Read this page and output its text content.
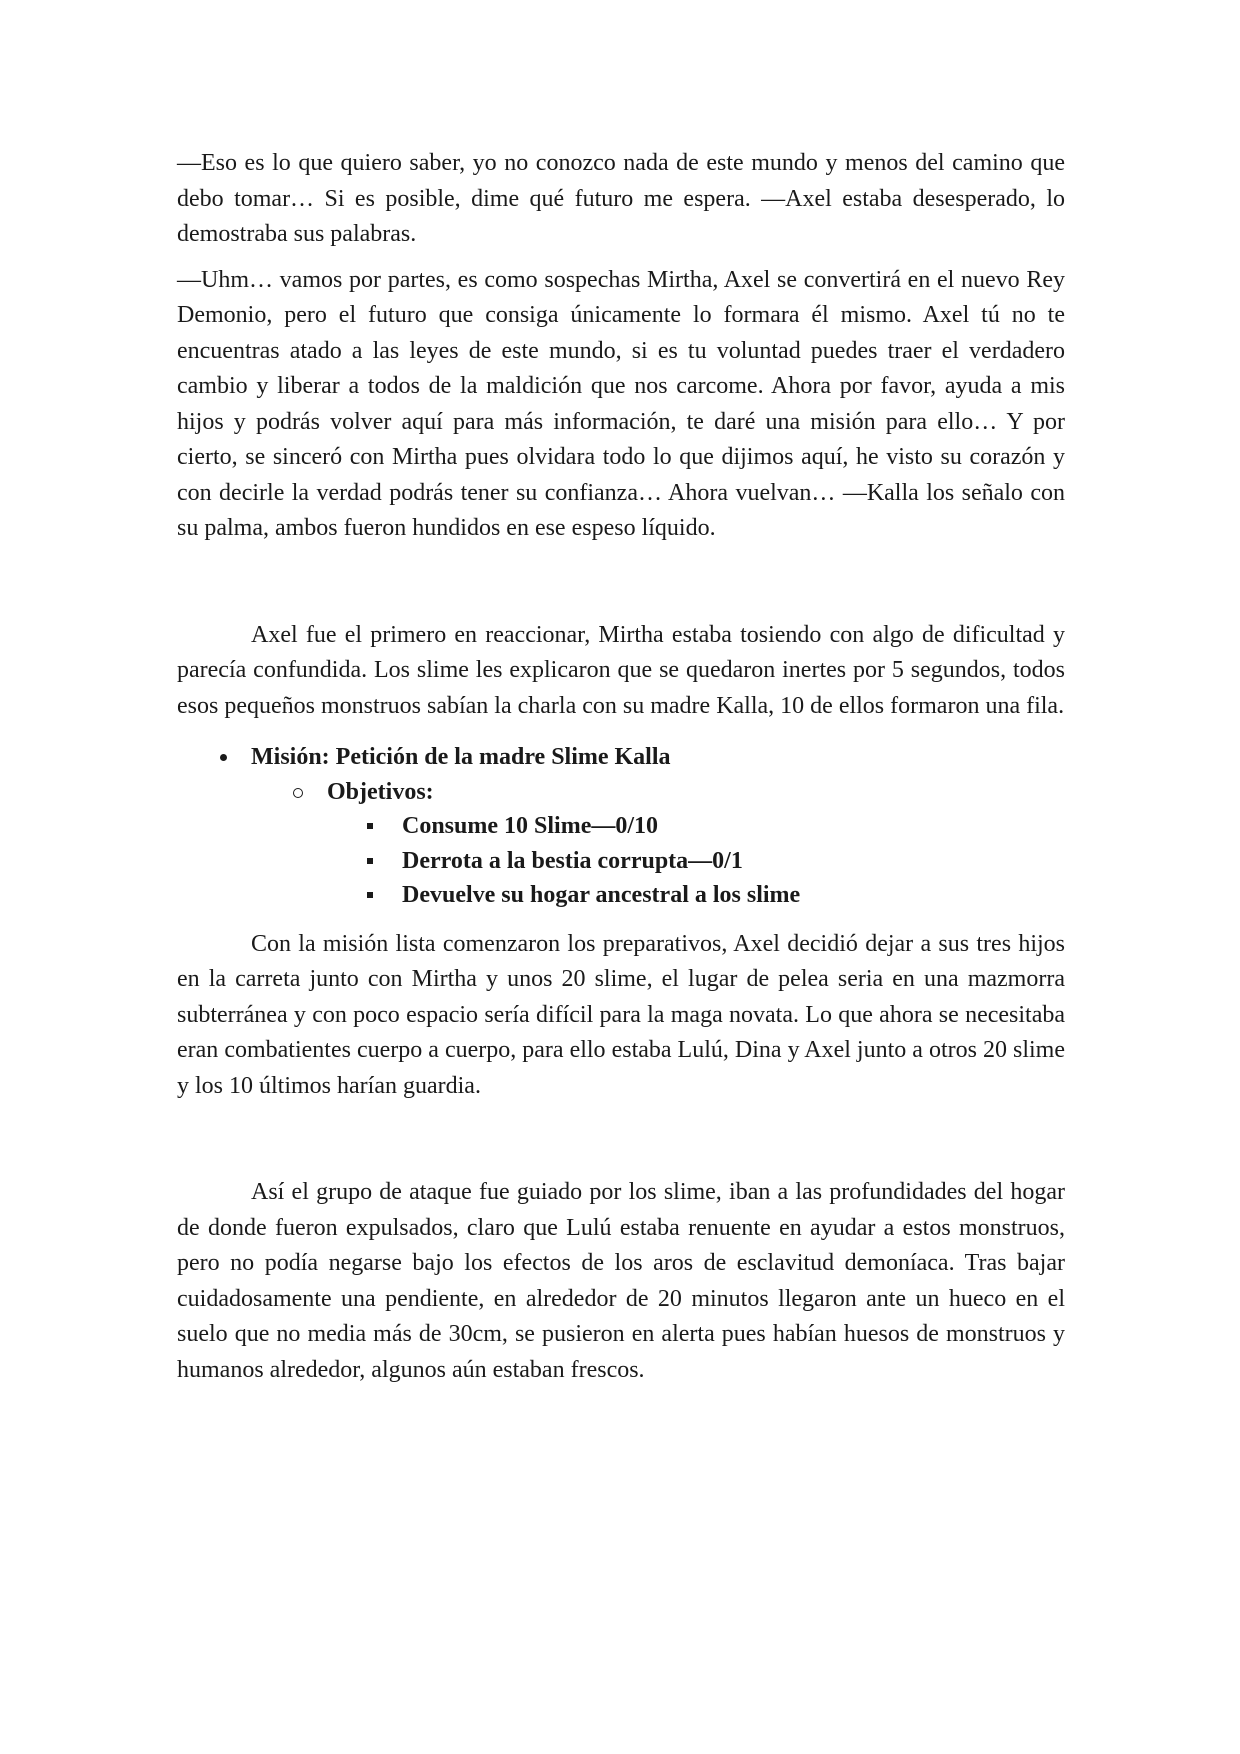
—Eso es lo que quiero saber, yo no conozco nada de este mundo y menos del camino que debo tomar… Si es posible, dime qué futuro me espera. —Axel estaba desesperado, lo demostraba sus palabras.

—Uhm… vamos por partes, es como sospechas Mirtha, Axel se convertirá en el nuevo Rey Demonio, pero el futuro que consiga únicamente lo formara él mismo. Axel tú no te encuentras atado a las leyes de este mundo, si es tu voluntad puedes traer el verdadero cambio y liberar a todos de la maldición que nos carcome. Ahora por favor, ayuda a mis hijos y podrás volver aquí para más información, te daré una misión para ello… Y por cierto, se sinceró con Mirtha pues olvidara todo lo que dijimos aquí, he visto su corazón y con decirle la verdad podrás tener su confianza… Ahora vuelvan… —Kalla los señalo con su palma, ambos fueron hundidos en ese espeso líquido.

Axel fue el primero en reaccionar, Mirtha estaba tosiendo con algo de dificultad y parecía confundida. Los slime les explicaron que se quedaron inertes por 5 segundos, todos esos pequeños monstruos sabían la charla con su madre Kalla, 10 de ellos formaron una fila.

Misión: Petición de la madre Slime Kalla
Objetivos:
Consume 10 Slime—0/10
Derrota a la bestia corrupta—0/1
Devuelve su hogar ancestral a los slime

Con la misión lista comenzaron los preparativos, Axel decidió dejar a sus tres hijos en la carreta junto con Mirtha y unos 20 slime, el lugar de pelea seria en una mazmorra subterránea y con poco espacio sería difícil para la maga novata. Lo que ahora se necesitaba eran combatientes cuerpo a cuerpo, para ello estaba Lulú, Dina y Axel junto a otros 20 slime y los 10 últimos harían guardia.

Así el grupo de ataque fue guiado por los slime, iban a las profundidades del hogar de donde fueron expulsados, claro que Lulú estaba renuente en ayudar a estos monstruos, pero no podía negarse bajo los efectos de los aros de esclavitud demoníaca. Tras bajar cuidadosamente una pendiente, en alrededor de 20 minutos llegaron ante un hueco en el suelo que no media más de 30cm, se pusieron en alerta pues habían huesos de monstruos y humanos alrededor, algunos aún estaban frescos.
